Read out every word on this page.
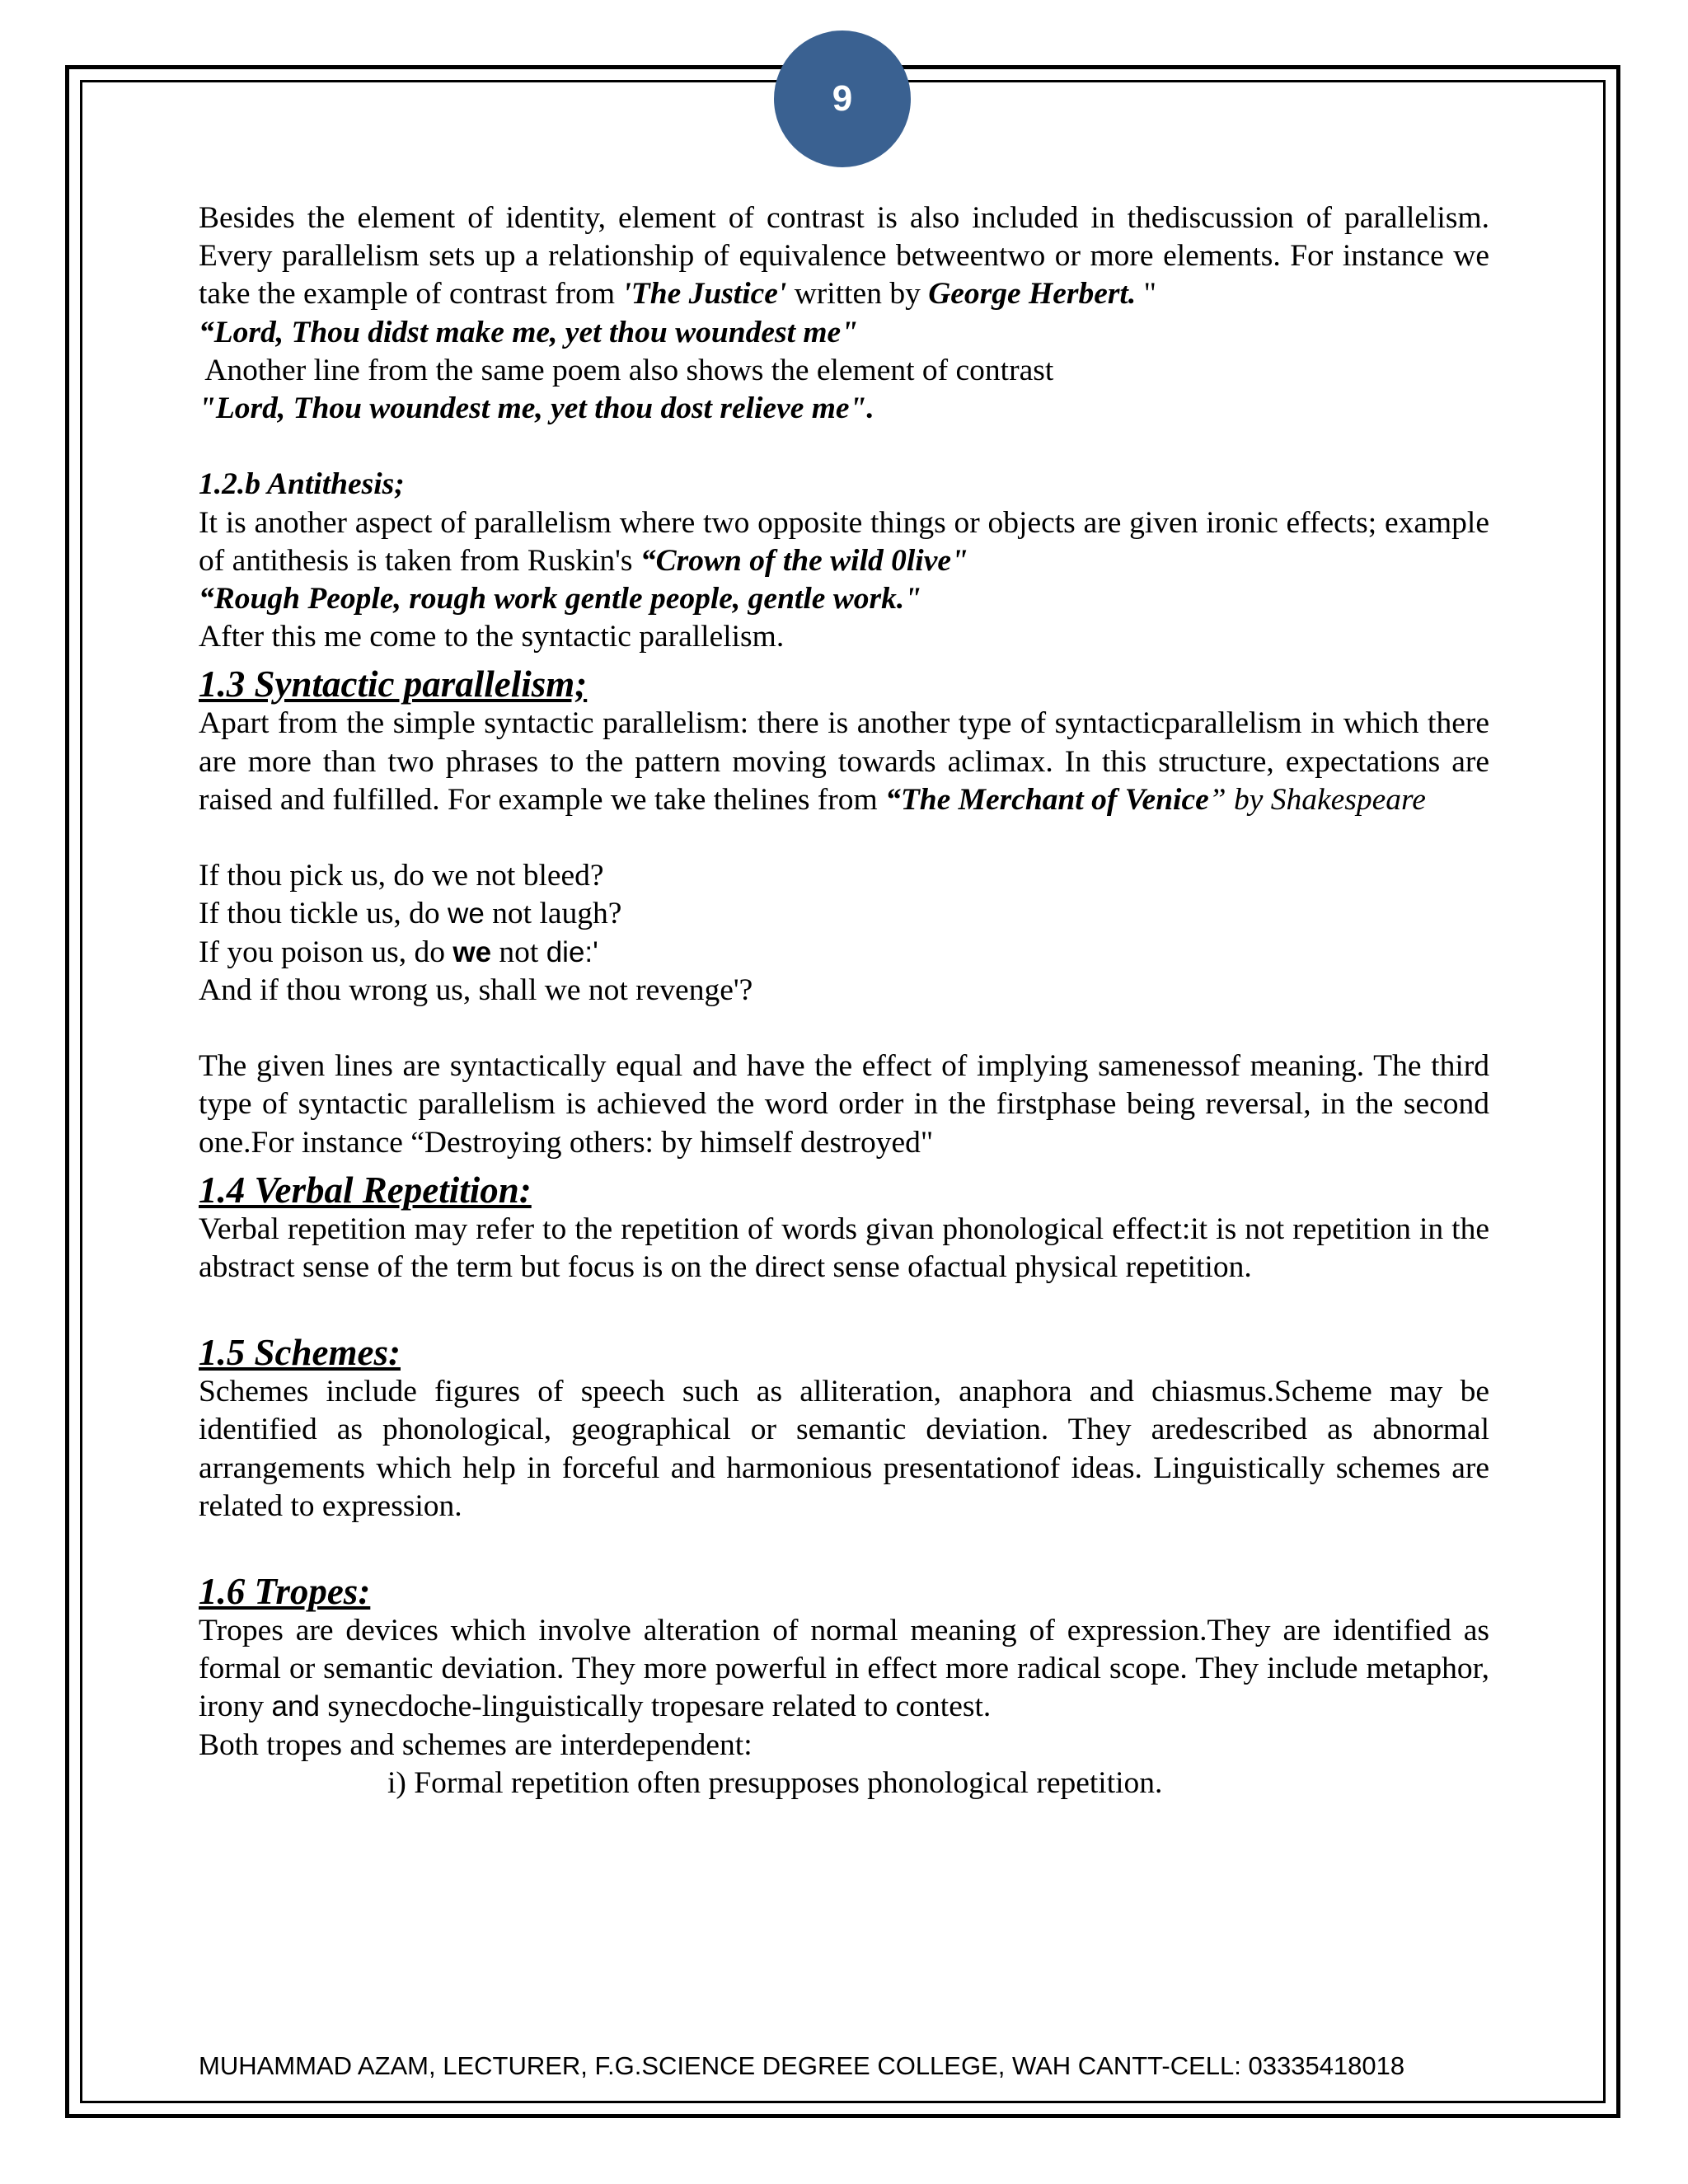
9

Besides the element of identity, element of contrast is also included in thediscussion of parallelism. Every parallelism sets up a relationship of equivalence betweentwo or more elements. For instance we take the example of contrast from 'The Justice' written by George Herbert. "

“Lord, Thou didst make me, yet thou woundest me"

Another line from the same poem also shows the element of contrast

"Lord, Thou woundest me, yet thou dost relieve me".

1.2.b Antithesis;

It is another aspect of parallelism where two opposite things or objects are given ironic effects; example of antithesis is taken from Ruskin's “Crown of the wild 0live"

“Rough People, rough work gentle people, gentle work."

After this me come to the syntactic parallelism.

1.3 Syntactic parallelism;

Apart from the simple syntactic parallelism: there is another type of syntacticparallelism in which there are more than two phrases to the pattern moving towards aclimax. In this structure, expectations are raised and fulfilled. For example we take thelines from “The Merchant of Venice” by Shakespeare

If thou pick us, do we not bleed?

If thou tickle us, do we not laugh?

If you poison us, do we not die:'

And if thou wrong us, shall we not revenge'?

The given lines are syntactically equal and have the effect of implying samenessof meaning. The third type of syntactic parallelism is achieved the word order in the firstphase being reversal, in the second one.For instance “Destroying others: by himself destroyed"

1.4 Verbal Repetition:

Verbal repetition may refer to the repetition of words givan phonological effect:it is not repetition in the abstract sense of the term but focus is on the direct sense ofactual physical repetition.

1.5 Schemes:

Schemes include figures of speech such as alliteration, anaphora and chiasmus.Scheme may be identified as phonological, geographical or semantic deviation. They aredescribed as abnormal arrangements which help in forceful and harmonious presentationof ideas. Linguistically schemes are related to expression.

1.6 Tropes:

Tropes are devices which involve alteration of normal meaning of expression.They are identified as formal or semantic deviation. They more powerful in effect more radical scope. They include metaphor, irony and synecdoche-linguistically tropesare related to contest.

Both tropes and schemes are interdependent:

i) Formal repetition often presupposes phonological repetition.

MUHAMMAD AZAM, LECTURER, F.G.SCIENCE DEGREE COLLEGE, WAH CANTT-CELL: 03335418018
